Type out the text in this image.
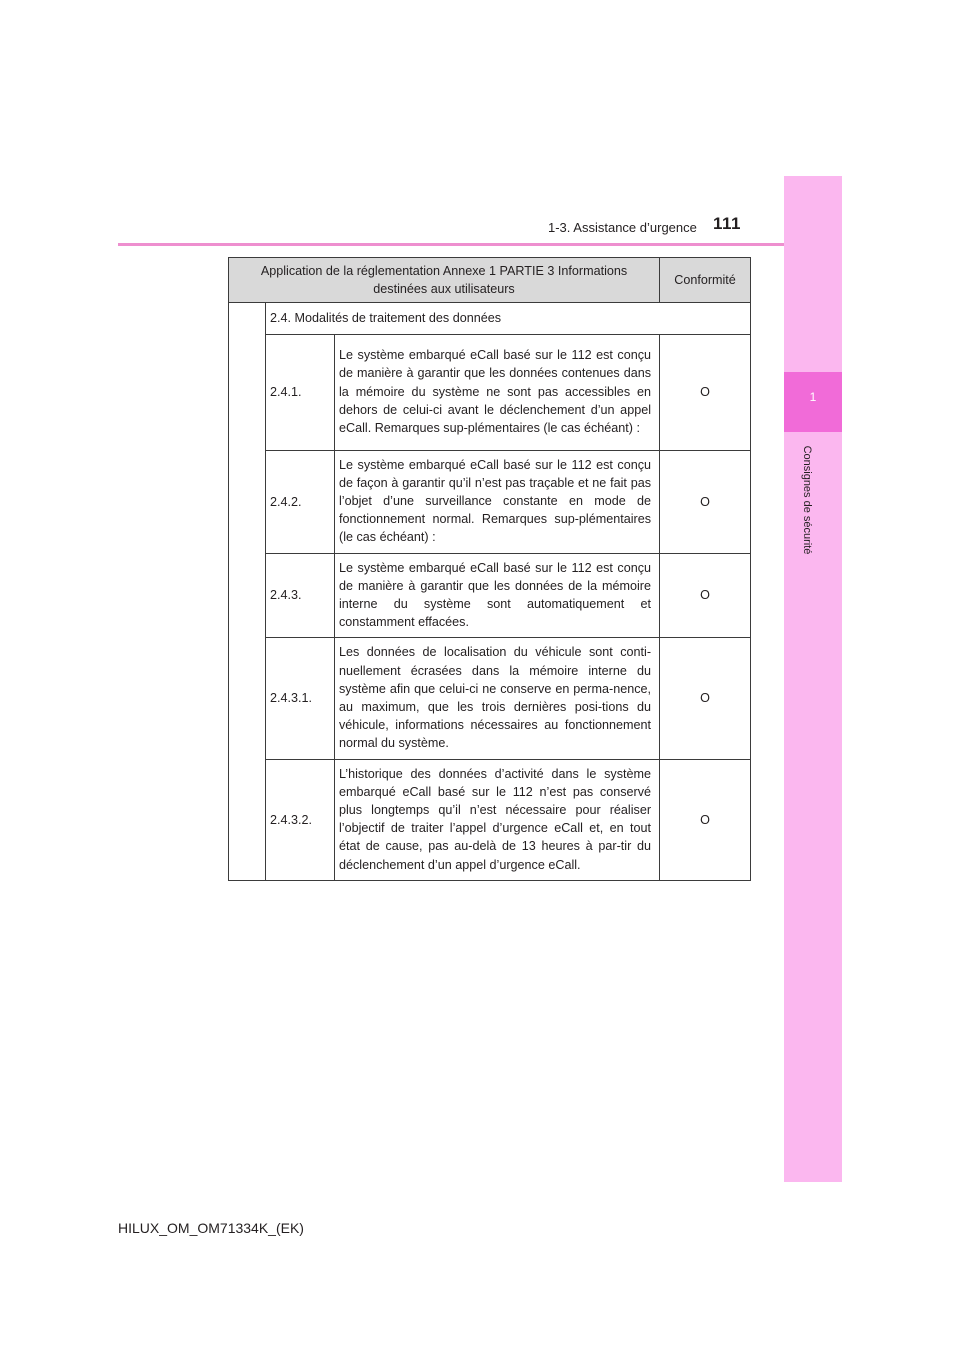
1-3. Assistance d’urgence 111
1
Consignes de sécurité
Application de la réglementation Annexe 1 PARTIE 3 Informations destinées aux utilisateurs			Conformité
	2.4. Modalités de traitement des données		
	2.4.1.	Le système embarqué eCall basé sur le 112 est conçu de manière à garantir que les données contenues dans la mémoire du système ne sont pas accessibles en dehors de celui-ci avant le déclenchement d’un appel eCall. Remarques sup-plémentaires (le cas échéant) :	O
	2.4.2.	Le système embarqué eCall basé sur le 112 est conçu de façon à garantir qu’il n’est pas traçable et ne fait pas l’objet d’une surveillance constante en mode de fonctionnement normal. Remarques sup-plémentaires (le cas échéant) :	O
	2.4.3.	Le système embarqué eCall basé sur le 112 est conçu de manière à garantir que les données de la mémoire interne du système sont automatiquement et constamment effacées.	O
	2.4.3.1.	Les données de localisation du véhicule sont conti-nuellement écrasées dans la mémoire interne du système afin que celui-ci ne conserve en perma-nence, au maximum, que les trois dernières posi-tions du véhicule, informations nécessaires au fonctionnement normal du système.	O
	2.4.3.2.	L’historique des données d’activité dans le système embarqué eCall basé sur le 112 n’est pas conservé plus longtemps qu’il n’est nécessaire pour réaliser l’objectif de traiter l’appel d’urgence eCall et, en tout état de cause, pas au-delà de 13 heures à par-tir du déclenchement d’un appel d’urgence eCall.	O
HILUX_OM_OM71334K_(EK)
